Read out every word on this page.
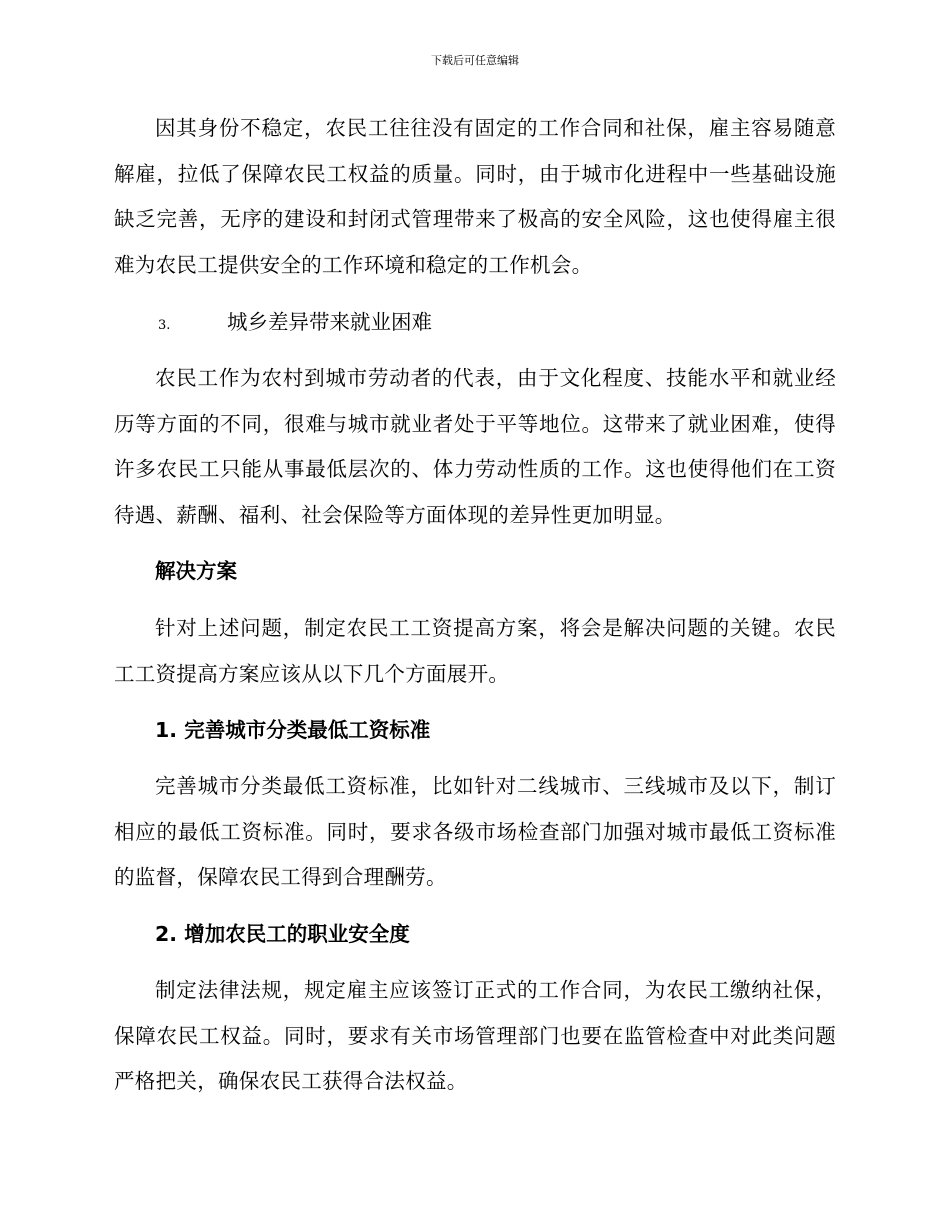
下载后可任意编辑

因其身份不稳定，农民工往往没有固定的工作合同和社保，雇主容易随意解雇，拉低了保障农民工权益的质量。同时，由于城市化进程中一些基础设施缺乏完善，无序的建设和封闭式管理带来了极高的安全风险，这也使得雇主很难为农民工提供安全的工作环境和稳定的工作机会。

3.	城乡差异带来就业困难

农民工作为农村到城市劳动者的代表，由于文化程度、技能水平和就业经历等方面的不同，很难与城市就业者处于平等地位。这带来了就业困难，使得许多农民工只能从事最低层次的、体力劳动性质的工作。这也使得他们在工资待遇、薪酬、福利、社会保险等方面体现的差异性更加明显。

解决方案

针对上述问题，制定农民工工资提高方案，将会是解决问题的关键。农民工工资提高方案应该从以下几个方面展开。

1. 完善城市分类最低工资标准

完善城市分类最低工资标准，比如针对二线城市、三线城市及以下，制订相应的最低工资标准。同时，要求各级市场检查部门加强对城市最低工资标准的监督，保障农民工得到合理酬劳。

2. 增加农民工的职业安全度

制定法律法规，规定雇主应该签订正式的工作合同，为农民工缴纳社保，保障农民工权益。同时，要求有关市场管理部门也要在监管检查中对此类问题严格把关，确保农民工获得合法权益。
